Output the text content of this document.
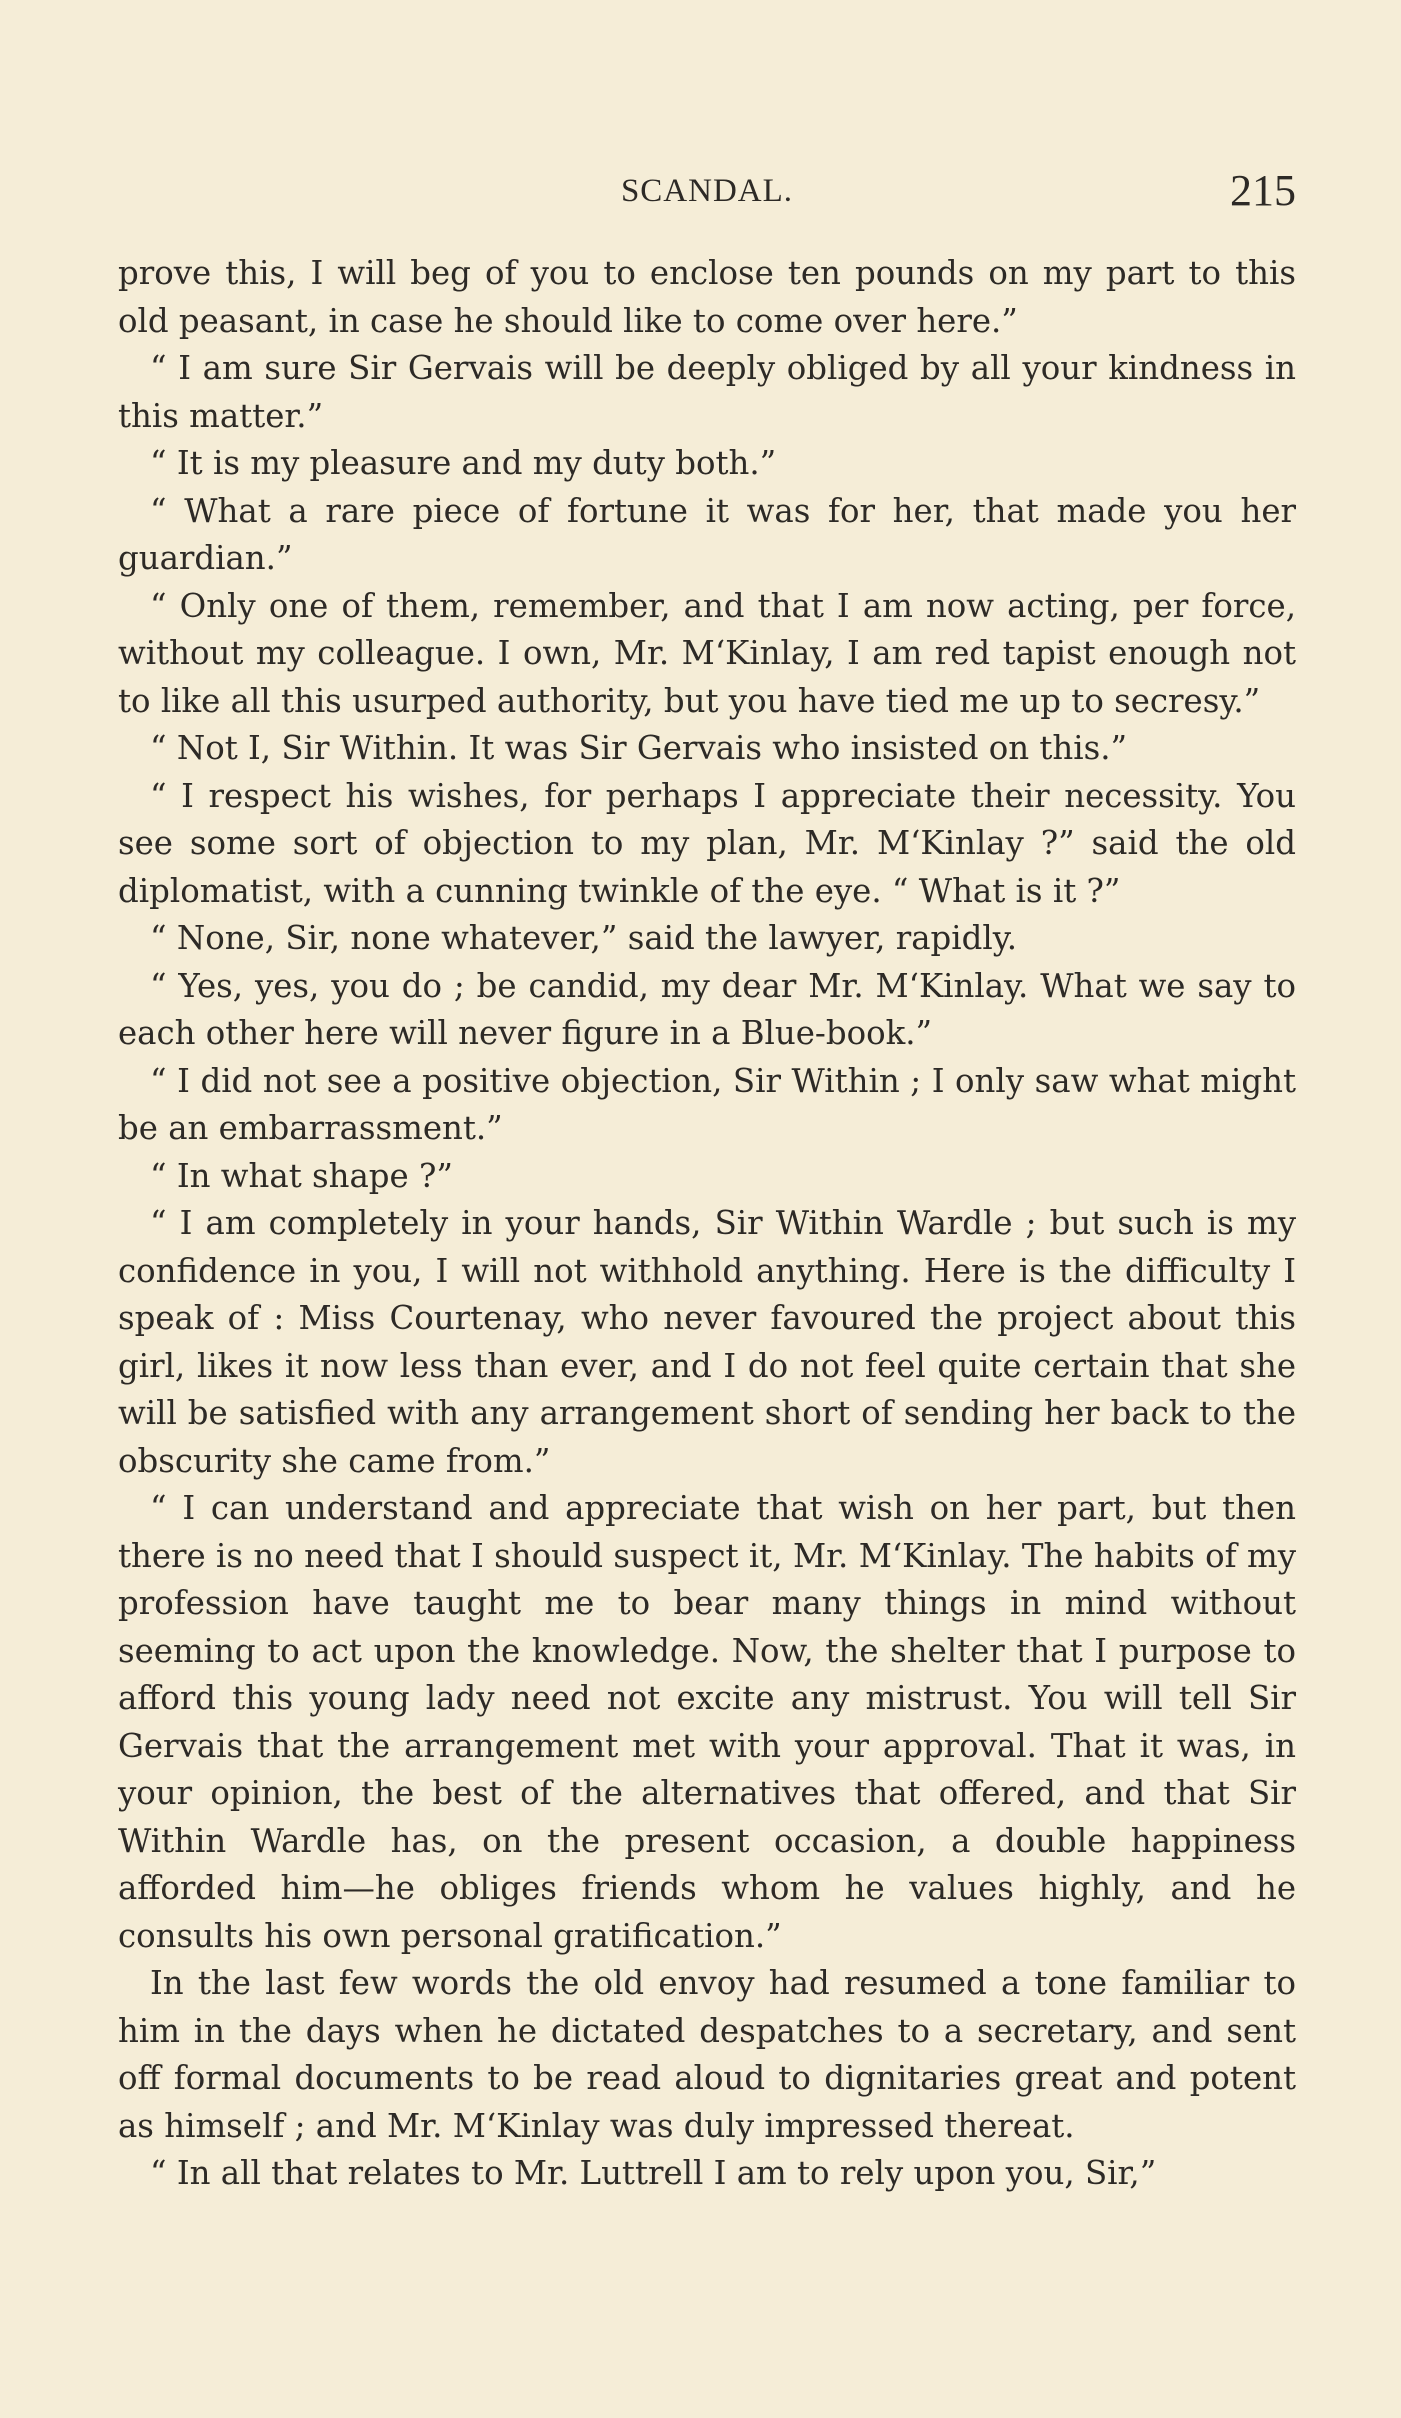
SCANDAL.	215

prove this, I will beg of you to enclose ten pounds on my part to this old peasant, in case he should like to come over here.”

“ I am sure Sir Gervais will be deeply obliged by all your kindness in this matter.”

“ It is my pleasure and my duty both.”

“ What a rare piece of fortune it was for her, that made you her guardian.”

“ Only one of them, remember, and that I am now acting, per force, without my colleague. I own, Mr. M‘Kinlay, I am red tapist enough not to like all this usurped authority, but you have tied me up to secresy.”

“ Not I, Sir Within. It was Sir Gervais who insisted on this.”

“ I respect his wishes, for perhaps I appreciate their necessity. You see some sort of objection to my plan, Mr. M‘Kinlay ?” said the old diplomatist, with a cunning twinkle of the eye. “ What is it ?”

“ None, Sir, none whatever,” said the lawyer, rapidly.

“ Yes, yes, you do ; be candid, my dear Mr. M‘Kinlay. What we say to each other here will never figure in a Blue-book.”

“ I did not see a positive objection, Sir Within ; I only saw what might be an embarrassment.”

“ In what shape ?”

“ I am completely in your hands, Sir Within Wardle ; but such is my confidence in you, I will not withhold anything. Here is the difficulty I speak of : Miss Courtenay, who never favoured the project about this girl, likes it now less than ever, and I do not feel quite certain that she will be satisfied with any arrangement short of sending her back to the obscurity she came from.”

“ I can understand and appreciate that wish on her part, but then there is no need that I should suspect it, Mr. M‘Kinlay. The habits of my profession have taught me to bear many things in mind without seeming to act upon the knowledge. Now, the shelter that I purpose to afford this young lady need not excite any mistrust. You will tell Sir Gervais that the arrangement met with your approval. That it was, in your opinion, the best of the alternatives that offered, and that Sir Within Wardle has, on the present occasion, a double happiness afforded him—he obliges friends whom he values highly, and he consults his own personal gratification.”

In the last few words the old envoy had resumed a tone familiar to him in the days when he dictated despatches to a secretary, and sent off formal documents to be read aloud to dignitaries great and potent as himself ; and Mr. M‘Kinlay was duly impressed thereat.

“ In all that relates to Mr. Luttrell I am to rely upon you, Sir,”
